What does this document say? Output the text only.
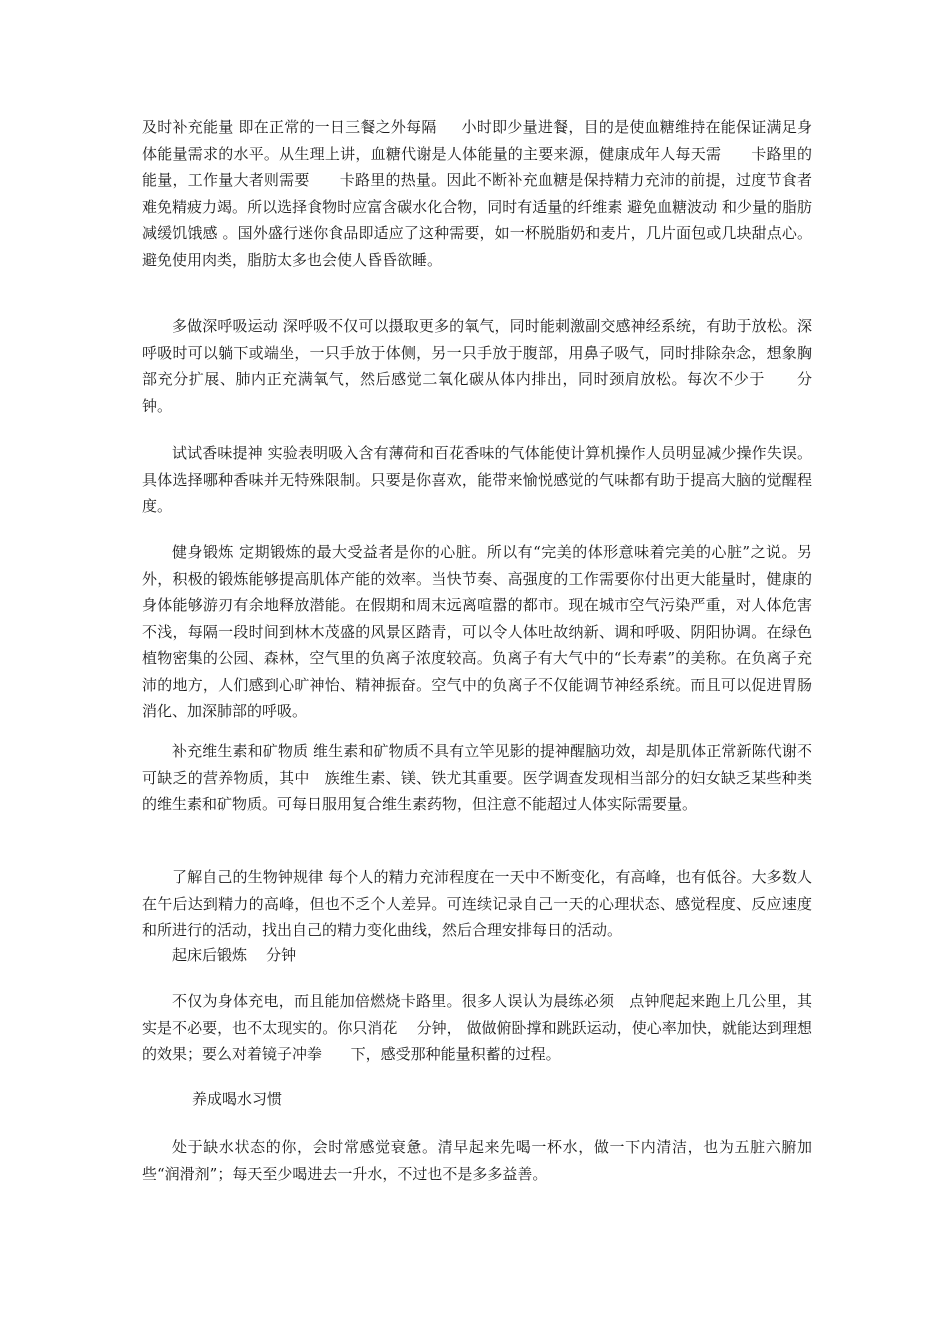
及时补充能量 即在正常的一日三餐之外每隔     小时即少量进餐，目的是使血糖维持在能保证满足身体能量需求的水平。从生理上讲，血糖代谢是人体能量的主要来源，健康成年人每天需      卡路里的能量，工作量大者则需要      卡路里的热量。因此不断补充血糖是保持精力充沛的前提，过度节食者难免精疲力竭。所以选择食物时应富含碳水化合物，同时有适量的纤维素 避免血糖波动 和少量的脂肪 减缓饥饿感 。国外盛行迷你食品即适应了这种需要，如一杯脱脂奶和麦片，几片面包或几块甜点心。避免使用肉类，脂肪太多也会使人昏昏欲睡。

多做深呼吸运动 深呼吸不仅可以摄取更多的氧气，同时能刺激副交感神经系统，有助于放松。深呼吸时可以躺下或端坐，一只手放于体侧，另一只手放于腹部，用鼻子吸气，同时排除杂念，想象胸部充分扩展、肺内正充满氧气，然后感觉二氧化碳从体内排出，同时颈肩放松。每次不少于      分钟。

试试香味提神 实验表明吸入含有薄荷和百花香味的气体能使计算机操作人员明显减少操作失误。具体选择哪种香味并无特殊限制。只要是你喜欢，能带来愉悦感觉的气味都有助于提高大脑的觉醒程度。

健身锻炼 定期锻炼的最大受益者是你的心脏。所以有“完美的体形意味着完美的心脏”之说。另外，积极的锻炼能够提高肌体产能的效率。当快节奏、高强度的工作需要你付出更大能量时，健康的身体能够游刃有余地释放潜能。在假期和周末远离喧嚣的都市。现在城市空气污染严重，对人体危害不浅，每隔一段时间到林木茂盛的风景区踏青，可以令人体吐故纳新、调和呼吸、阴阳协调。在绿色植物密集的公园、森林，空气里的负离子浓度较高。负离子有大气中的“长寿素”的美称。在负离子充沛的地方，人们感到心旷神怡、精神振奋。空气中的负离子不仅能调节神经系统。而且可以促进胃肠消化、加深肺部的呼吸。

补充维生素和矿物质 维生素和矿物质不具有立竿见影的提神醒脑功效，却是肌体正常新陈代谢不可缺乏的营养物质，其中   族维生素、镁、铁尤其重要。医学调查发现相当部分的妇女缺乏某些种类的维生素和矿物质。可每日服用复合维生素药物，但注意不能超过人体实际需要量。

了解自己的生物钟规律 每个人的精力充沛程度在一天中不断变化，有高峰，也有低谷。大多数人在午后达到精力的高峰，但也不乏个人差异。可连续记录自己一天的心理状态、感觉程度、反应速度和所进行的活动，找出自己的精力变化曲线，然后合理安排每日的活动。

起床后锻炼    分钟

不仅为身体充电，而且能加倍燃烧卡路里。很多人误认为晨练必须   点钟爬起来跑上几公里，其实是不必要，也不太现实的。你只消花    分钟， 做做俯卧撑和跳跃运动，使心率加快，就能达到理想的效果；要么对着镜子冲拳      下，感受那种能量积蓄的过程。

养成喝水习惯

处于缺水状态的你，会时常感觉衰惫。清早起来先喝一杯水，做一下内清洁，也为五脏六腑加些“润滑剂”；每天至少喝进去一升水，不过也不是多多益善。
